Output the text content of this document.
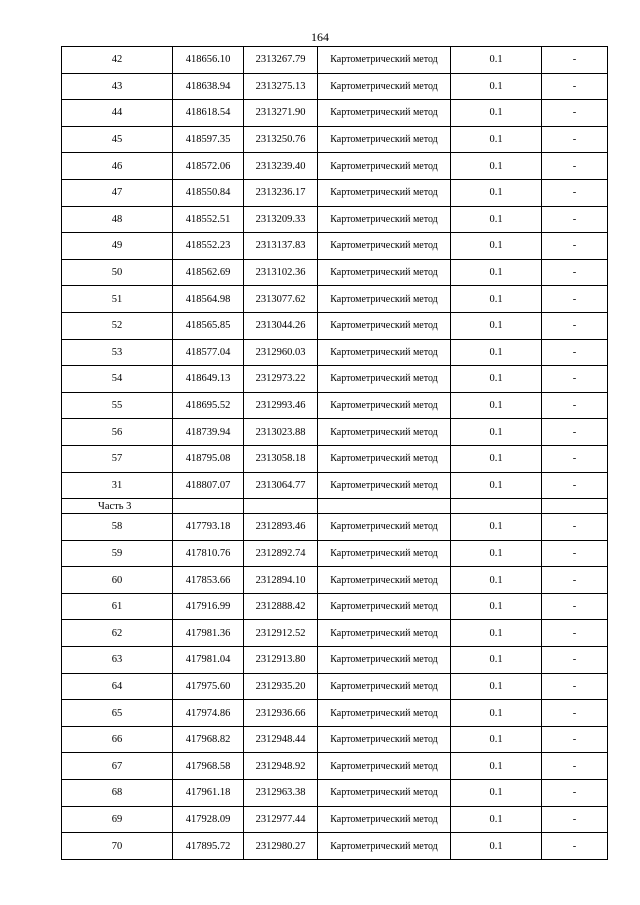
164
42	418656.10	2313267.79	Картометрический метод	0.1	-
43	418638.94	2313275.13	Картометрический метод	0.1	-
44	418618.54	2313271.90	Картометрический метод	0.1	-
45	418597.35	2313250.76	Картометрический метод	0.1	-
46	418572.06	2313239.40	Картометрический метод	0.1	-
47	418550.84	2313236.17	Картометрический метод	0.1	-
48	418552.51	2313209.33	Картометрический метод	0.1	-
49	418552.23	2313137.83	Картометрический метод	0.1	-
50	418562.69	2313102.36	Картометрический метод	0.1	-
51	418564.98	2313077.62	Картометрический метод	0.1	-
52	418565.85	2313044.26	Картометрический метод	0.1	-
53	418577.04	2312960.03	Картометрический метод	0.1	-
54	418649.13	2312973.22	Картометрический метод	0.1	-
55	418695.52	2312993.46	Картометрический метод	0.1	-
56	418739.94	2313023.88	Картометрический метод	0.1	-
57	418795.08	2313058.18	Картометрический метод	0.1	-
31	418807.07	2313064.77	Картометрический метод	0.1	-
Часть 3					
58	417793.18	2312893.46	Картометрический метод	0.1	-
59	417810.76	2312892.74	Картометрический метод	0.1	-
60	417853.66	2312894.10	Картометрический метод	0.1	-
61	417916.99	2312888.42	Картометрический метод	0.1	-
62	417981.36	2312912.52	Картометрический метод	0.1	-
63	417981.04	2312913.80	Картометрический метод	0.1	-
64	417975.60	2312935.20	Картометрический метод	0.1	-
65	417974.86	2312936.66	Картометрический метод	0.1	-
66	417968.82	2312948.44	Картометрический метод	0.1	-
67	417968.58	2312948.92	Картометрический метод	0.1	-
68	417961.18	2312963.38	Картометрический метод	0.1	-
69	417928.09	2312977.44	Картометрический метод	0.1	-
70	417895.72	2312980.27	Картометрический метод	0.1	-
